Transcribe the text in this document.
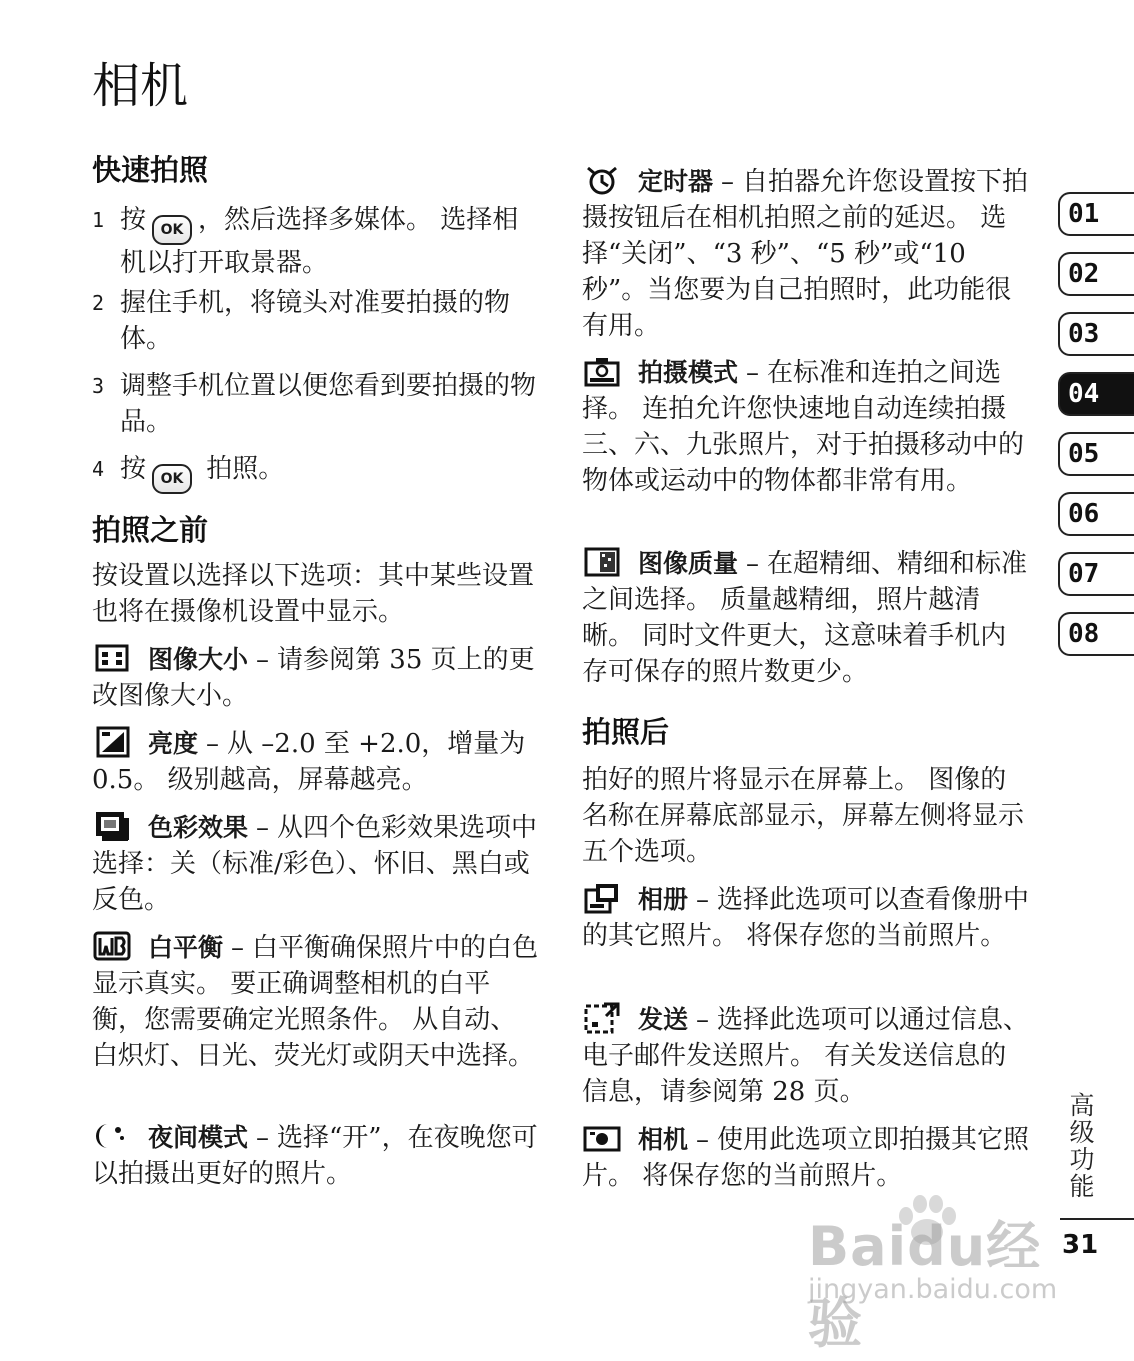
相机
快速拍照
1 按 OK ，然后选择多媒体。 选择相机以打开取景器。
2 握住手机，将镜头对准要拍摄的物体。
3 调整手机位置以便您看到要拍摄的物品。
4 按 OK 拍照。
拍照之前

按设置以选择以下选项：其中某些设置也将在摄像机设置中显示。

图像大小 – 请参阅第 35 页上的更改图像大小。
亮度 – 从 –2.0 至 +2.0，增量为 0.5。 级别越高，屏幕越亮。
色彩效果 – 从四个色彩效果选项中选择：关（标准/彩色）、怀旧、黑白或反色。
白平衡 – 白平衡确保照片中的白色显示真实。 要正确调整相机的白平衡，您需要确定光照条件。 从自动、白炽灯、日光、荧光灯或阴天中选择。
夜间模式 – 选择“开”，在夜晚您可以拍摄出更好的照片。
定时器 – 自拍器允许您设置按下拍摄按钮后在相机拍照之前的延迟。 选择“关闭”、“3 秒”、“5 秒”或“10 秒”。当您要为自己拍照时，此功能很有用。
拍摄模式 – 在标准和连拍之间选择。 连拍允许您快速地自动连续拍摄三、六、九张照片，对于拍摄移动中的物体或运动中的物体都非常有用。
图像质量 – 在超精细、精细和标准之间选择。 质量越精细，照片越清晰。 同时文件更大，这意味着手机内存可保存的照片数更少。
拍照后

拍好的照片将显示在屏幕上。 图像的名称在屏幕底部显示，屏幕左侧将显示五个选项。

相册 – 选择此选项可以查看像册中的其它照片。 将保存您的当前照片。
发送 – 选择此选项可以通过信息、电子邮件发送照片。 有关发送信息的信息，请参阅第 28 页。
相机 – 使用此选项立即拍摄其它照片。 将保存您的当前照片。
01
02
03
04
05
06
07
08
高级功能
31
Baidu经验
jingyan.baidu.com
